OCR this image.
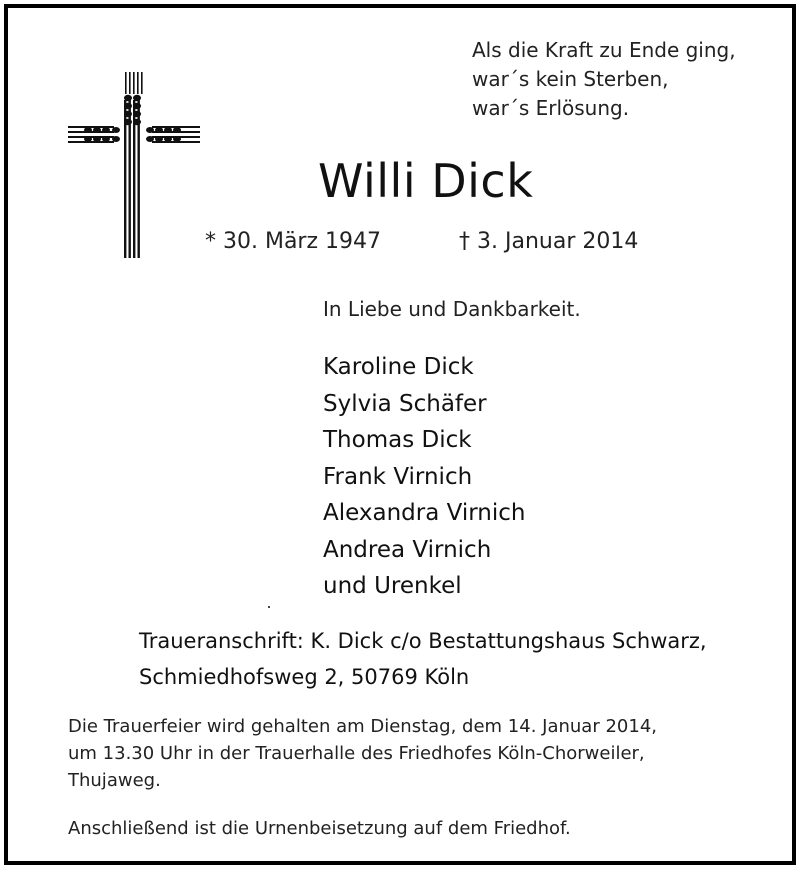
Als die Kraft zu Ende ging,
war´s kein Sterben,
war´s Erlösung.
Willi Dick
* 30. März 1947	† 3. Januar 2014
In Liebe und Dankbarkeit.
Karoline Dick
Sylvia Schäfer
Thomas Dick
Frank Virnich
Alexandra Virnich
Andrea Virnich
und Urenkel
Traueranschrift: K. Dick c/o Bestattungshaus Schwarz,
Schmiedhofsweg 2, 50769 Köln
Die Trauerfeier wird gehalten am Dienstag, dem 14. Januar 2014,
um 13.30 Uhr in der Trauerhalle des Friedhofes Köln-Chorweiler,
Thujaweg.
Anschließend ist die Urnenbeisetzung auf dem Friedhof.
